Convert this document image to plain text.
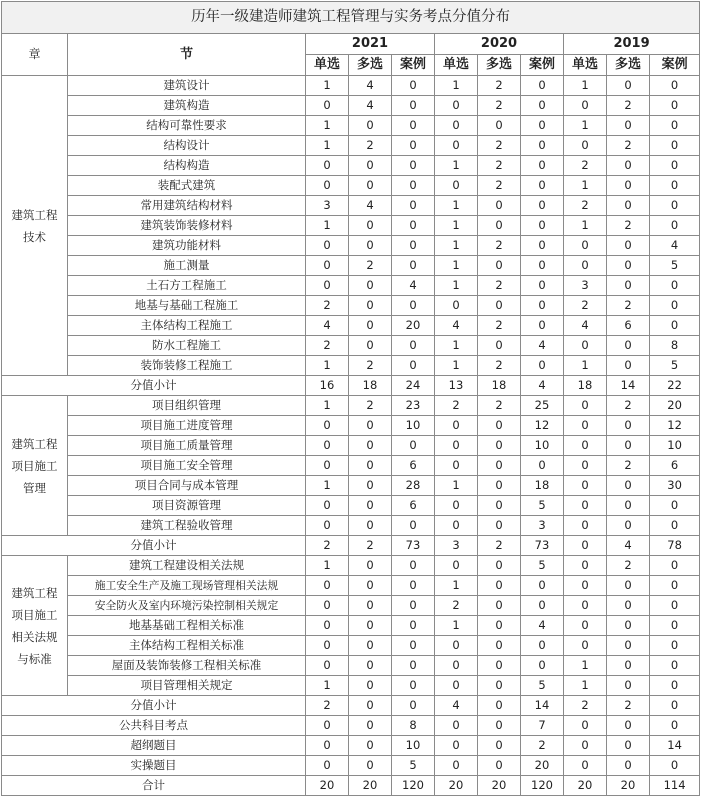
历年一级建造师建筑工程管理与实务考点分值分布										
章	节	2021			2020			2019		
		单选	多选	案例	单选	多选	案例	单选	多选	案例

建筑工程
技术	建筑设计	1	4	0	1	2	0	1	0	0
	建筑构造	0	4	0	0	2	0	0	2	0
	结构可靠性要求	1	0	0	0	0	0	1	0	0
	结构设计	1	2	0	0	2	0	0	2	0
	结构构造	0	0	0	1	2	0	2	0	0
	装配式建筑	0	0	0	0	2	0	1	0	0
	常用建筑结构材料	3	4	0	1	0	0	2	0	0
	建筑装饰装修材料	1	0	0	1	0	0	1	2	0
	建筑功能材料	0	0	0	1	2	0	0	0	4
	施工测量	0	2	0	1	0	0	0	0	5
	土石方工程施工	0	0	4	1	2	0	3	0	0
	地基与基础工程施工	2	0	0	0	0	0	2	2	0
	主体结构工程施工	4	0	20	4	2	0	4	6	0
	防水工程施工	2	0	0	1	0	4	0	0	8
	装饰装修工程施工	1	2	0	1	2	0	1	0	5
分值小计		16	18	24	13	18	4	18	14	22

建筑工程
项目施工
管理	项目组织管理	1	2	23	2	2	25	0	2	20
	项目施工进度管理	0	0	10	0	0	12	0	0	12
	项目施工质量管理	0	0	0	0	0	10	0	0	10
	项目施工安全管理	0	0	6	0	0	0	0	2	6
	项目合同与成本管理	1	0	28	1	0	18	0	0	30
	项目资源管理	0	0	6	0	0	5	0	0	0
	建筑工程验收管理	0	0	0	0	0	3	0	0	0
分值小计		2	2	73	3	2	73	0	4	78

建筑工程
项目施工
相关法规
与标准	建筑工程建设相关法规	1	0	0	0	0	5	0	2	0
	施工安全生产及施工现场管理相关法规	0	0	0	1	0	0	0	0	0
	安全防火及室内环境污染控制相关规定	0	0	0	2	0	0	0	0	0
	地基基础工程相关标准	0	0	0	1	0	4	0	0	0
	主体结构工程相关标准	0	0	0	0	0	0	0	0	0
	屋面及装饰装修工程相关标准	0	0	0	0	0	0	1	0	0
	项目管理相关规定	1	0	0	0	0	5	1	0	0
分值小计		2	0	0	4	0	14	2	2	0
公共科目考点		0	0	8	0	0	7	0	0	0
超纲题目		0	0	10	0	0	2	0	0	14
实操题目		0	0	5	0	0	20	0	0	0
合计		20	20	120	20	20	120	20	20	114
